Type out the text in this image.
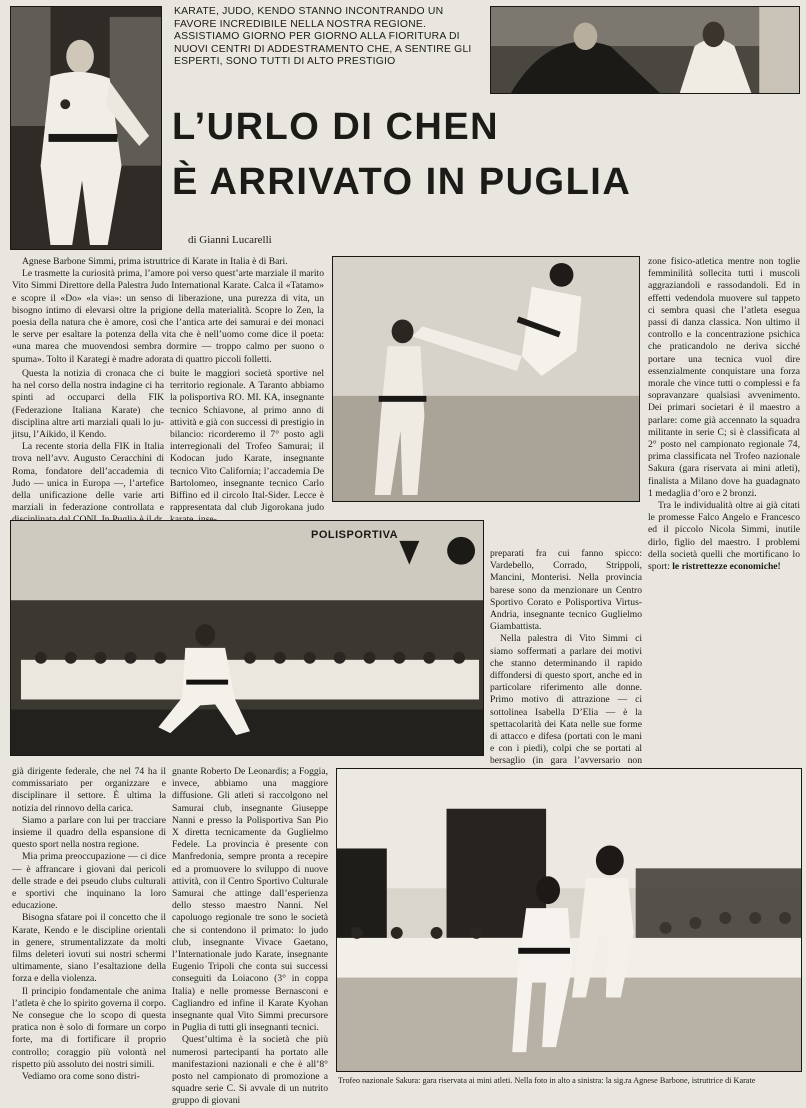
KARATE, JUDO, KENDO STANNO INCONTRANDO UN FAVORE INCREDIBILE NELLA NOSTRA REGIONE. ASSISTIAMO GIORNO PER GIORNO ALLA FIORITURA DI NUOVI CENTRI DI ADDESTRAMENTO CHE, A SENTIRE GLI ESPERTI, SONO TUTTI DI ALTO PRESTIGIO
L’URLO DI CHEN
È ARRIVATO IN PUGLIA
di Gianni Lucarelli

Agnese Barbone Simmi, prima istruttrice di Karate in Italia è di Bari.

Le trasmette la curiosità prima, l’amore poi verso quest’arte marziale il marito Vito Simmi Direttore della Palestra Judo International Karate. Calca il «Tatamo» e scopre il «Do» «la via»: un senso di liberazione, una purezza di vita, un bisogno intimo di elevarsi oltre la prigione della materialità. Scopre lo Zen, la poesia della natura che è amore, così che l’antica arte dei samurai e dei monaci le serve per esaltare la potenza della vita che è nell’uomo come dice il poeta: «una marea che muovendosi sembra dormire — troppo calmo per suono o spuma». Tolto il Karategi è madre adorata di quattro piccoli folletti.

Questa la notizia di cronaca che ci ha nel corso della nostra indagine ci ha spinti ad occuparci della FIK (Federazione Italiana Karate) che disciplina altre arti marziali quali lo ju-jitsu, l’Aikido, il Kendo.

La recente storia della FIK in Italia trova nell’avv. Augusto Ceracchini di Roma, fondatore dell’accademia di Judo — unica in Europa —, l’artefice della unificazione delle varie arti marziali in federazione controllata e

buite le maggiori società sportive nel territorio regionale. A Taranto abbiamo la polisportiva RO. MI. KA, insegnante tecnico Schiavone, al primo anno di attività e già con successi di prestigio in bilancio: ricorderemo il 7° posto agli interregionali del Trofeo Samurai; il Kodocan judo Karate, insegnante tecnico Vito California; l’accademia De Bartolomeo, insegnante tecnico Carlo Biffino ed il circolo Ital-Sider. Lecce è rappresentata dal club Jigorokana judo

zone fisico-atletica mentre non toglie femminilità sollecita tutti i muscoli aggraziandoli e rassodandoli. Ed in effetti vedendola muovere sul tappeto ci sembra quasi che l’atleta esegua passi di danza classica. Non ultimo il controllo e la concentrazione psichica che praticandolo ne deriva sicché portare una tecnica vuol dire essenzialmente conquistare una forza morale che vince tutti o complessi e fa sopravanzare qualsiasi avvenimento. Dei primari societari è il maestro a parlare: come già accennato la squadra militante in serie C; si è classificata al 2° posto nel campionato regionale 74, prima classificata nel Trofeo nazionale Sakura (gara riservata ai mini atleti), finalista a Milano dove ha guadagnato 1 medaglia d’oro e 2 bronzi.

Tra le individualità oltre ai già citati le promesse Falco Angelo e Francesco ed il piccolo Nicola Simmi, inutile dirlo, figlio del maestro. I problemi della società quelli che mortificano lo sport: le ristrettezze economiche!

POLISPORTIVA

preparati fra cui fanno spicco: Vardebello, Corrado, Strippoli, Mancini, Monterisi. Nella provincia barese sono da menzionare un Centro Sportivo Corato e Polisportiva Virtus-Andria, insegnante tecnico Guglielmo Giambattista.

Nella palestra di Vito Simmi ci siamo soffermati a parlare dei motivi che stanno determinando il rapido diffondersi di questo sport, anche ed in particolare riferimento alle donne. Primo motivo di attrazione — ci sottolinea Isabella D’Elia — è la spettacolarità dei Kata nelle sue forme di attacco e difesa (portati con le mani e con i piedi), colpi che se portati al bersaglio (in gara l’avversario non

già dirigente federale, che nel 74 ha il commissariato per organizzare e disciplinare il settore. È ultima la notizia del rinnovo della carica.

Siamo a parlare con lui per tracciare insieme il quadro della espansione di questo sport nella nostra regione.

Mia prima preoccupazione — ci dice — è affrancare i giovani dai pericoli delle strade e dei pseudo clubs culturali e sportivi che inquinano la loro educazione.

Bisogna sfatare poi il concetto che il Karate, Kendo e le discipline orientali in genere, strumentalizzate da molti films deleteri iovuti sui nostri schermi ultimamente, siano l’esaltazione della forza e della violenza.

Il principio fondamentale che anima l’atleta è che lo spirito governa il corpo. Ne consegue che lo scopo di questa pratica non è solo di formare un corpo forte, ma di fortificare il proprio controllo; coraggio più volontà nel rispetto più assoluto dei nostri simili.

Vediamo ora come sono distri-

gnante Roberto De Leonardis; a Foggia, invece, abbiamo una maggiore diffusione. Gli atleti si raccolgono nel Samurai club, insegnante Giuseppe Nanni e presso la Polisportiva San Pio X diretta tecnicamente da Guglielmo Fedele. La provincia è presente con Manfredonia, sempre pronta a recepire ed a promuovere lo sviluppo di nuove attività, con il Centro Sportivo Culturale Samurai che attinge dall’esperienza dello stesso maestro Nanni. Nel capoluogo regionale tre sono le società che si contendono il primato: lo judo club, insegnante Vivace Gaetano, l’Internationale judo Karate, insegnante Eugenio Tripoli che conta sui successi conseguiti da Loiacono (3° in coppa Italia) e nelle promesse Bernasconi e Cagliandro ed infine il Karate Kyohan insegnante qual Vito Simmi precursore in Puglia di tutti gli insegnanti tecnici.

Quest’ultima è la società che più numerosi partecipanti ha portato alle manifestazioni nazionali e che è all’8° posto nel campionato di promozione a squadre serie C. Si avvale di un nutrito gruppo di giovani

Trofeo nazionale Sakura: gara riservata ai mini atleti. Nella foto in alto a sinistra: la sig.ra Agnese Barbone, istruttrice di Karate
